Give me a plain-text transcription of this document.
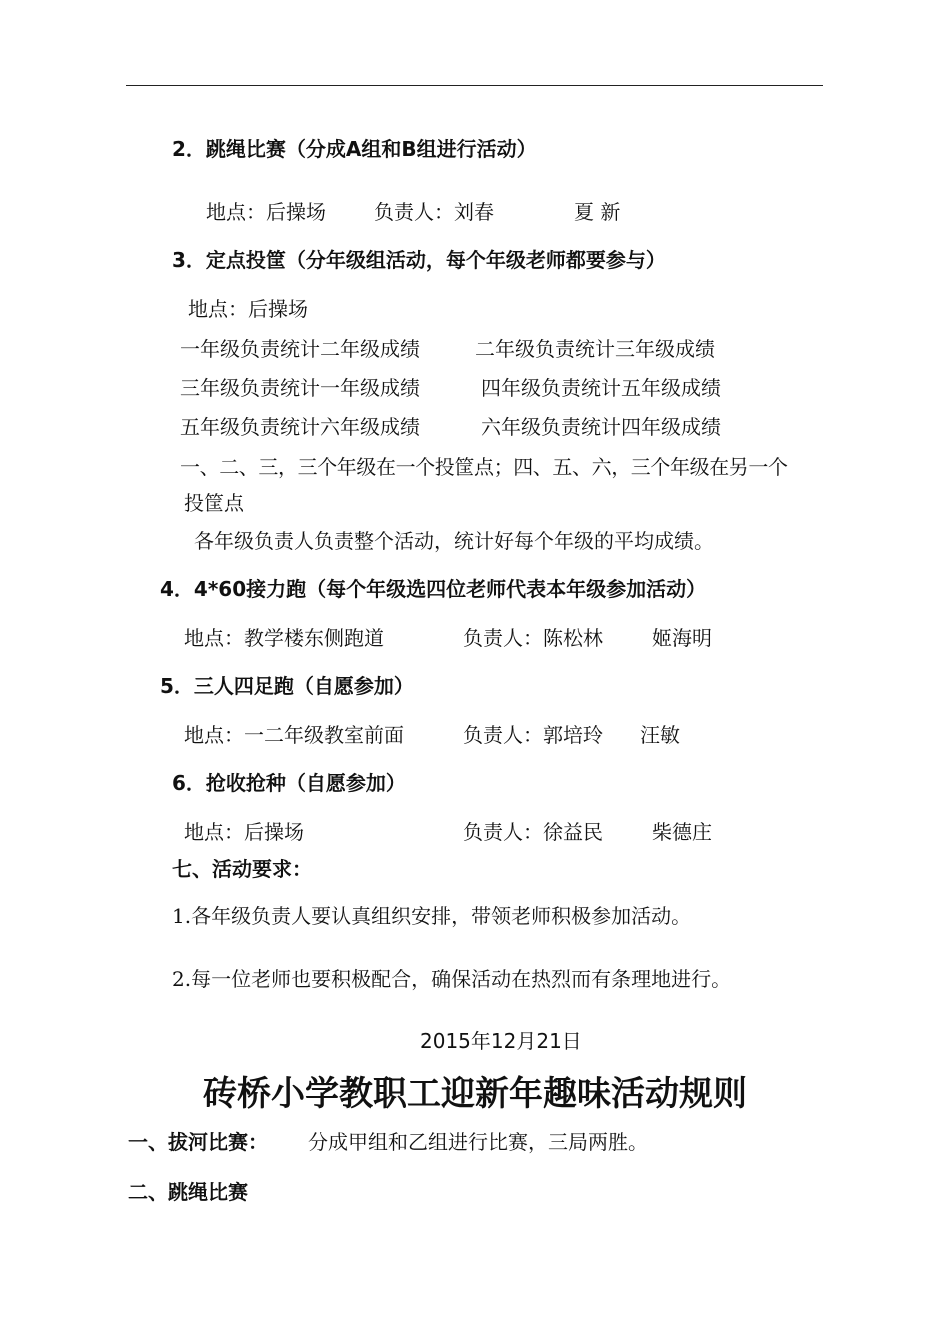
2．跳绳比赛（分成A组和B组进行活动）
地点：后操场 负责人：刘春	夏 新
3．定点投筐（分年级组活动，每个年级老师都要参与）
地点：后操场
一年级负责统计二年级成绩	二年级负责统计三年级成绩
三年级负责统计一年级成绩	四年级负责统计五年级成绩
五年级负责统计六年级成绩	六年级负责统计四年级成绩
一、二、三，三个年级在一个投筐点；四、五、六，三个年级在另一个
投筐点
各年级负责人负责整个活动，统计好每个年级的平均成绩。
4．4*60接力跑（每个年级选四位老师代表本年级参加活动）
地点：教学楼东侧跑道	负责人：陈松林 姬海明
5．三人四足跑（自愿参加）
地点：一二年级教室前面	负责人：郭培玲 汪敏
6．抢收抢种（自愿参加）
地点：后操场	负责人：徐益民 柴德庄
七、活动要求：
1.各年级负责人要认真组织安排，带领老师积极参加活动。
2.每一位老师也要积极配合，确保活动在热烈而有条理地进行。
2015年12月21日
砖桥小学教职工迎新年趣味活动规则
一、拔河比赛： 分成甲组和乙组进行比赛，三局两胜。
二、跳绳比赛
